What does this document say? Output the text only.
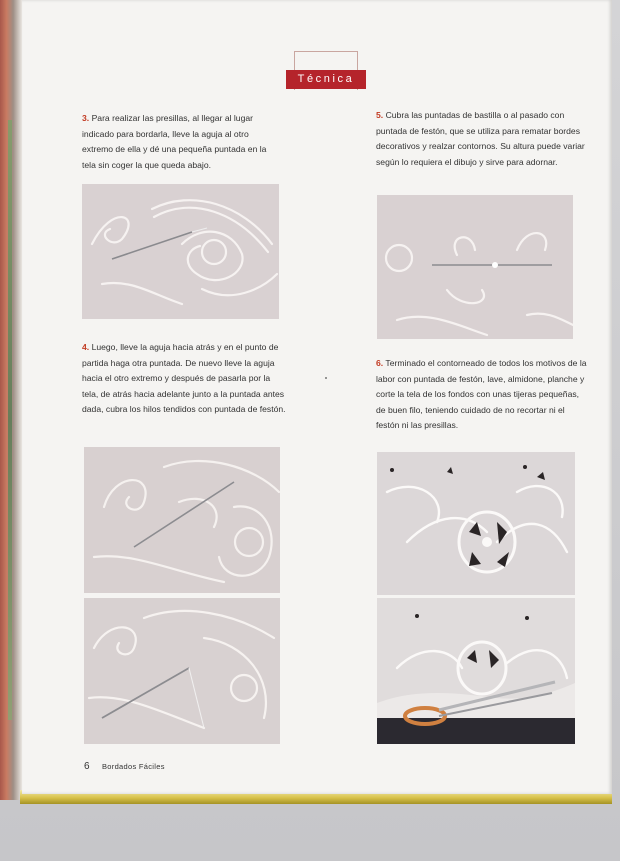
Técnica

3. Para realizar las presillas, al llegar al lugar indicado para bordarla, lleve la aguja al otro extremo de ella y dé una pequeña puntada en la tela sin coger la que queda abajo.

4. Luego, lleve la aguja hacia atrás y en el punto de partida haga otra puntada. De nuevo lleve la aguja hacia el otro extremo y después de pasarla por la tela, de atrás hacia adelante junto a la puntada antes dada, cubra los hilos tendidos con puntada de festón.

5. Cubra las puntadas de bastilla o al pasado con puntada de festón, que se utiliza para rematar bordes decorativos y realzar contornos. Su altura puede variar según lo requiera el dibujo y sirve para adornar.

6. Terminado el contorneado de todos los motivos de la labor con puntada de festón, lave, almidone, planche y corte la tela de los fondos con unas tijeras pequeñas, de buen filo, teniendo cuidado de no recortar ni el festón ni las presillas.

6 Bordados Fáciles
